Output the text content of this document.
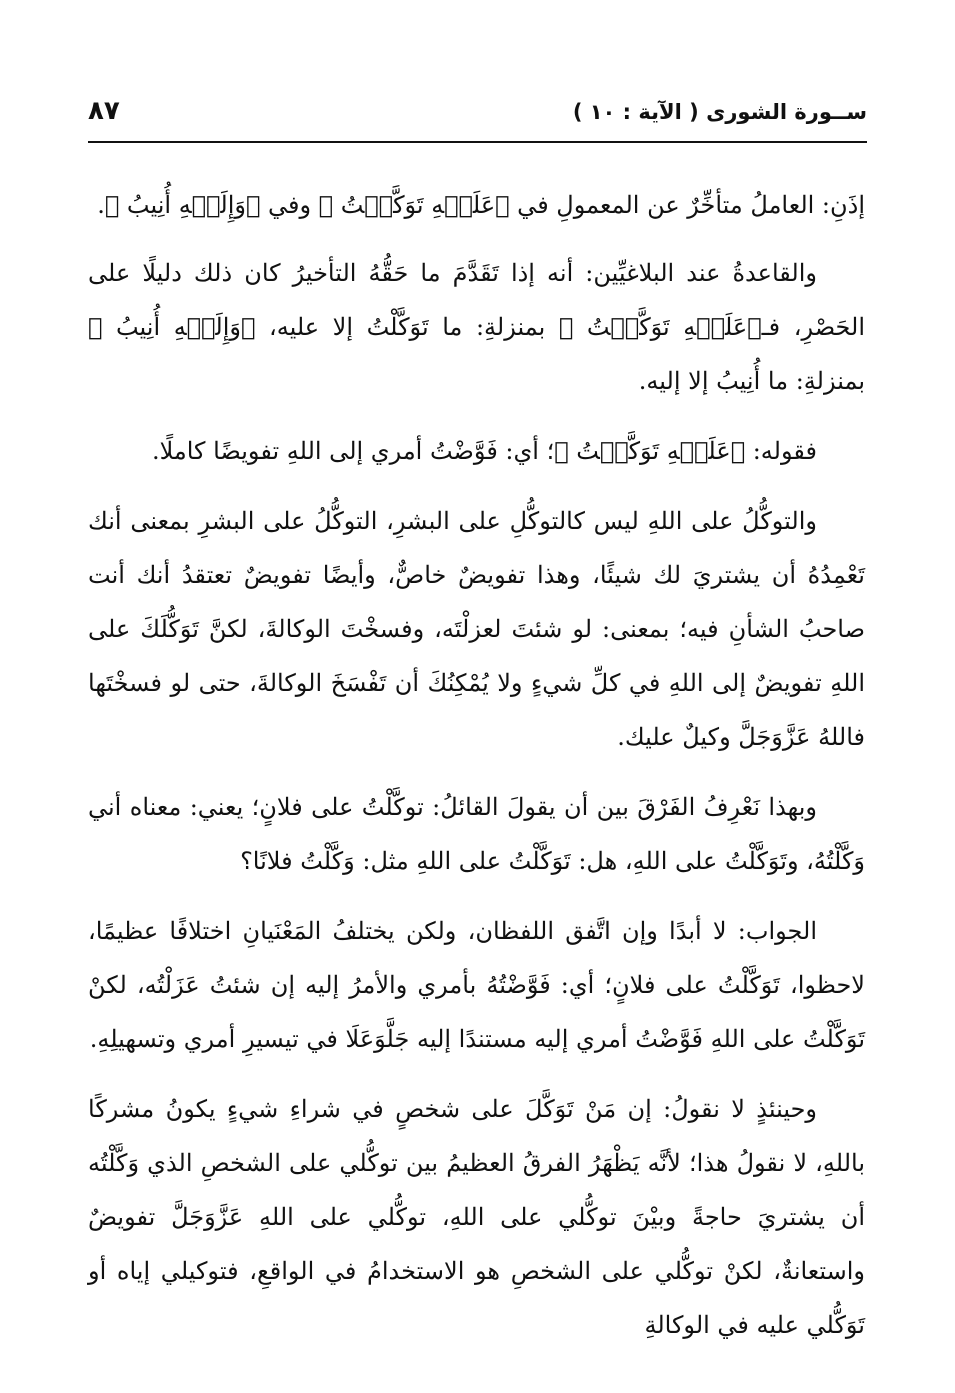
ســورة الشورى ( الآية : ١٠ )
٨٧

إذَنِ: العاملُ متأخِّرٌ عن المعمولِ في ﴿عَلَيۡهِ تَوَكَّلۡتُ ﴾ وفي ﴿وَإِلَيۡهِ أُنِيبُ ﴾.

والقاعدةُ عند البلاغيِّين: أنه إذا تَقَدَّمَ ما حَقُّهُ التأخيرُ كان ذلك دليلًا على الحَصْرِ، فـ﴿عَلَيۡهِ تَوَكَّلۡتُ ﴾ بمنزلةِ: ما تَوَكَّلْتُ إلا عليه، ﴿وَإِلَيۡهِ أُنِيبُ ﴾ بمنزلةِ: ما أُنِيبُ إلا إليه.

فقوله: ﴿عَلَيۡهِ تَوَكَّلۡتُ ﴾؛ أي: فَوَّضْتُ أمري إلى اللهِ تفويضًا كاملًا.

والتوكُّلُ على اللهِ ليس كالتوكُّلِ على البشرِ، التوكُّلُ على البشرِ بمعنى أنك تَعْمِدُهُ أن يشتريَ لك شيئًا، وهذا تفويضٌ خاصٌّ، وأيضًا تفويضٌ تعتقدُ أنك أنت صاحبُ الشأنِ فيه؛ بمعنى: لو شئتَ لعزلْتَه، وفسخْتَ الوكالةَ، لكنَّ تَوَكُّلَكَ على اللهِ تفويضٌ إلى اللهِ في كلِّ شيءٍ ولا يُمْكِنُكَ أن تَفْسَخَ الوكالةَ، حتى لو فسخْتَها فاللهُ عَزَّوَجَلَّ وكيلٌ عليك.

وبهذا نَعْرِفُ الفَرْقَ بين أن يقولَ القائلُ: توكَّلْتُ على فلانٍ؛ يعني: معناه أني وَكَّلْتُهُ، وتَوَكَّلْتُ على اللهِ، هل: تَوَكَّلْتُ على اللهِ مثل: وَكَّلْتُ فلانًا؟

الجواب: لا أبدًا وإن اتَّفق اللفظان، ولكن يختلفُ المَعْنَيانِ اختلافًا عظيمًا، لاحظوا، تَوَكَّلْتُ على فلانٍ؛ أي: فَوَّضْتُهُ بأمري والأمرُ إليه إن شئتُ عَزَلْتُه، لكنْ تَوَكَّلْتُ على اللهِ فَوَّضْتُ أمري إليه مستندًا إليه جَلَّوَعَلَا في تيسيرِ أمري وتسهيلِهِ.

وحينئذٍ لا نقولُ: إن مَنْ تَوَكَّلَ على شخصٍ في شراءِ شيءٍ يكونُ مشركًا باللهِ، لا نقولُ هذا؛ لأنَّه يَظْهَرُ الفرقُ العظيمُ بين توكُّلي على الشخصِ الذي وَكَّلْتُه أن يشتريَ حاجةً وبيْنَ توكُّلي على اللهِ، توكُّلي على اللهِ عَزَّوَجَلَّ تفويضٌ واستعانةٌ، لكنْ توكُّلي على الشخصِ هو الاستخدامُ في الواقعِ، فتوكيلي إياه أو تَوَكُّلي عليه في الوكالةِ
